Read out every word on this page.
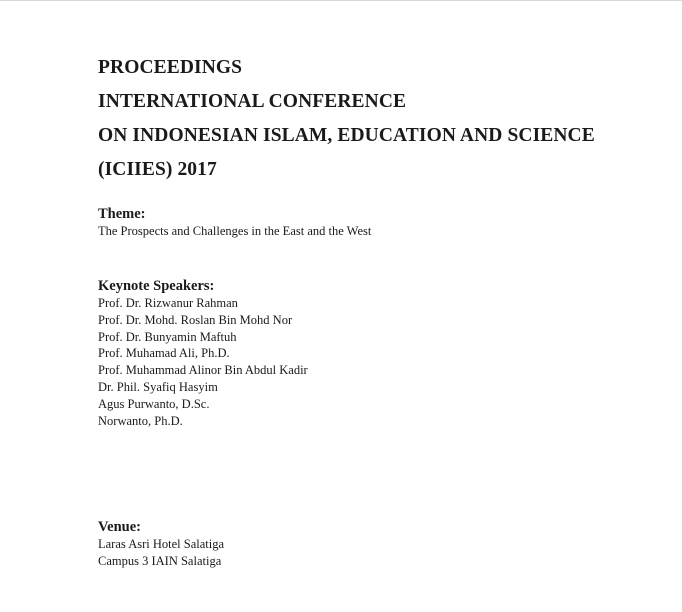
PROCEEDINGS
INTERNATIONAL CONFERENCE
ON INDONESIAN ISLAM, EDUCATION AND SCIENCE
(ICIIES) 2017
Theme:
The Prospects and Challenges in the East and the West
Keynote Speakers:
Prof. Dr. Rizwanur Rahman
Prof. Dr. Mohd. Roslan Bin Mohd Nor
Prof. Dr. Bunyamin Maftuh
Prof. Muhamad Ali, Ph.D.
Prof. Muhammad Alinor Bin Abdul Kadir
Dr. Phil. Syafiq Hasyim
Agus Purwanto, D.Sc.
Norwanto, Ph.D.
Venue:
Laras Asri Hotel Salatiga
Campus 3 IAIN Salatiga
